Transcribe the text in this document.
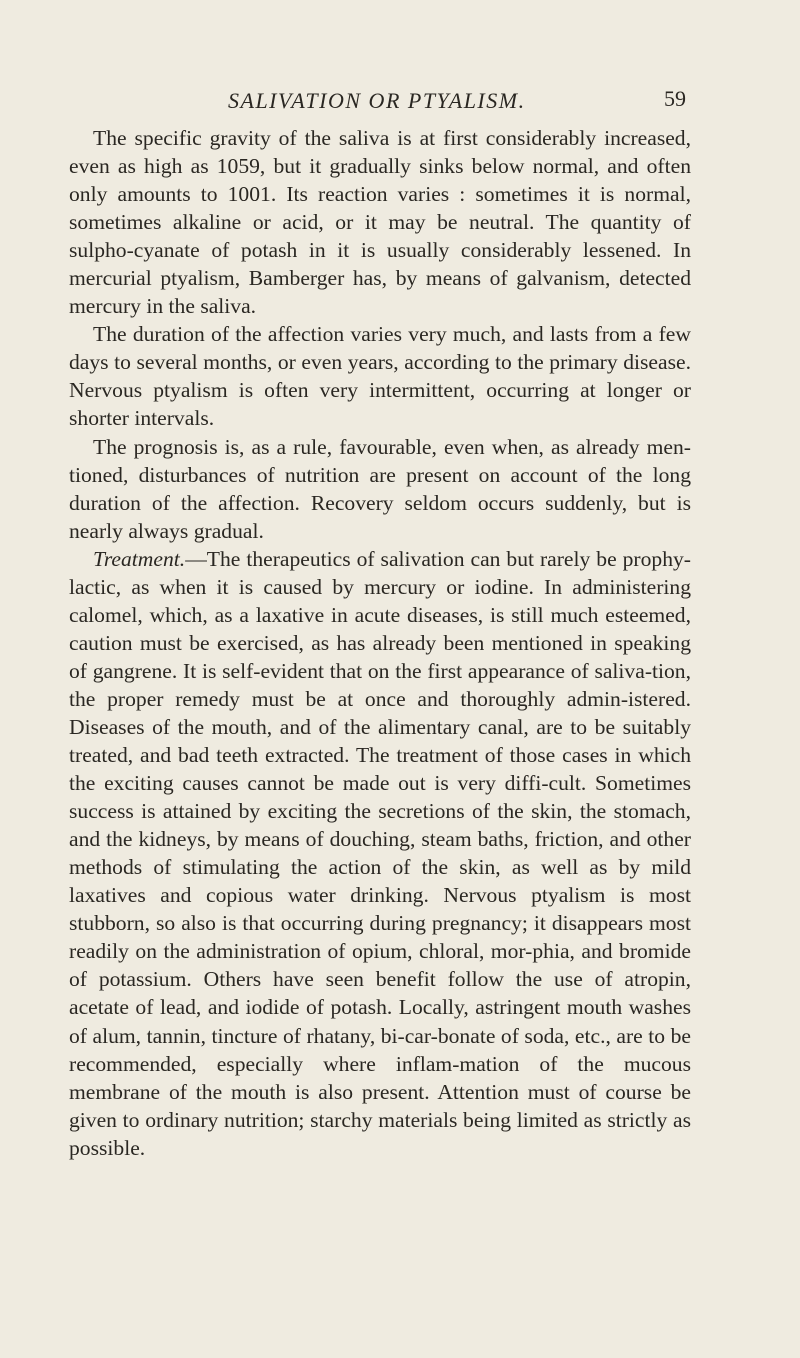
SALIVATION OR PTYALISM.	59

The specific gravity of the saliva is at first considerably increased, even as high as 1059, but it gradually sinks below normal, and often only amounts to 1001. Its reaction varies : sometimes it is normal, sometimes alkaline or acid, or it may be neutral. The quantity of sulpho-cyanate of potash in it is usually considerably lessened. In mercurial ptyalism, Bamberger has, by means of galvanism, detected mercury in the saliva.

The duration of the affection varies very much, and lasts from a few days to several months, or even years, according to the primary disease. Nervous ptyalism is often very intermittent, occurring at longer or shorter intervals.

The prognosis is, as a rule, favourable, even when, as already men-tioned, disturbances of nutrition are present on account of the long duration of the affection. Recovery seldom occurs suddenly, but is nearly always gradual.

Treatment.—The therapeutics of salivation can but rarely be prophy-lactic, as when it is caused by mercury or iodine. In administering calomel, which, as a laxative in acute diseases, is still much esteemed, caution must be exercised, as has already been mentioned in speaking of gangrene. It is self-evident that on the first appearance of saliva-tion, the proper remedy must be at once and thoroughly admin-istered. Diseases of the mouth, and of the alimentary canal, are to be suitably treated, and bad teeth extracted. The treatment of those cases in which the exciting causes cannot be made out is very diffi-cult. Sometimes success is attained by exciting the secretions of the skin, the stomach, and the kidneys, by means of douching, steam baths, friction, and other methods of stimulating the action of the skin, as well as by mild laxatives and copious water drinking. Nervous ptyalism is most stubborn, so also is that occurring during pregnancy; it disappears most readily on the administration of opium, chloral, mor-phia, and bromide of potassium. Others have seen benefit follow the use of atropin, acetate of lead, and iodide of potash. Locally, astringent mouth washes of alum, tannin, tincture of rhatany, bi-car-bonate of soda, etc., are to be recommended, especially where inflam-mation of the mucous membrane of the mouth is also present. Attention must of course be given to ordinary nutrition; starchy materials being limited as strictly as possible.
